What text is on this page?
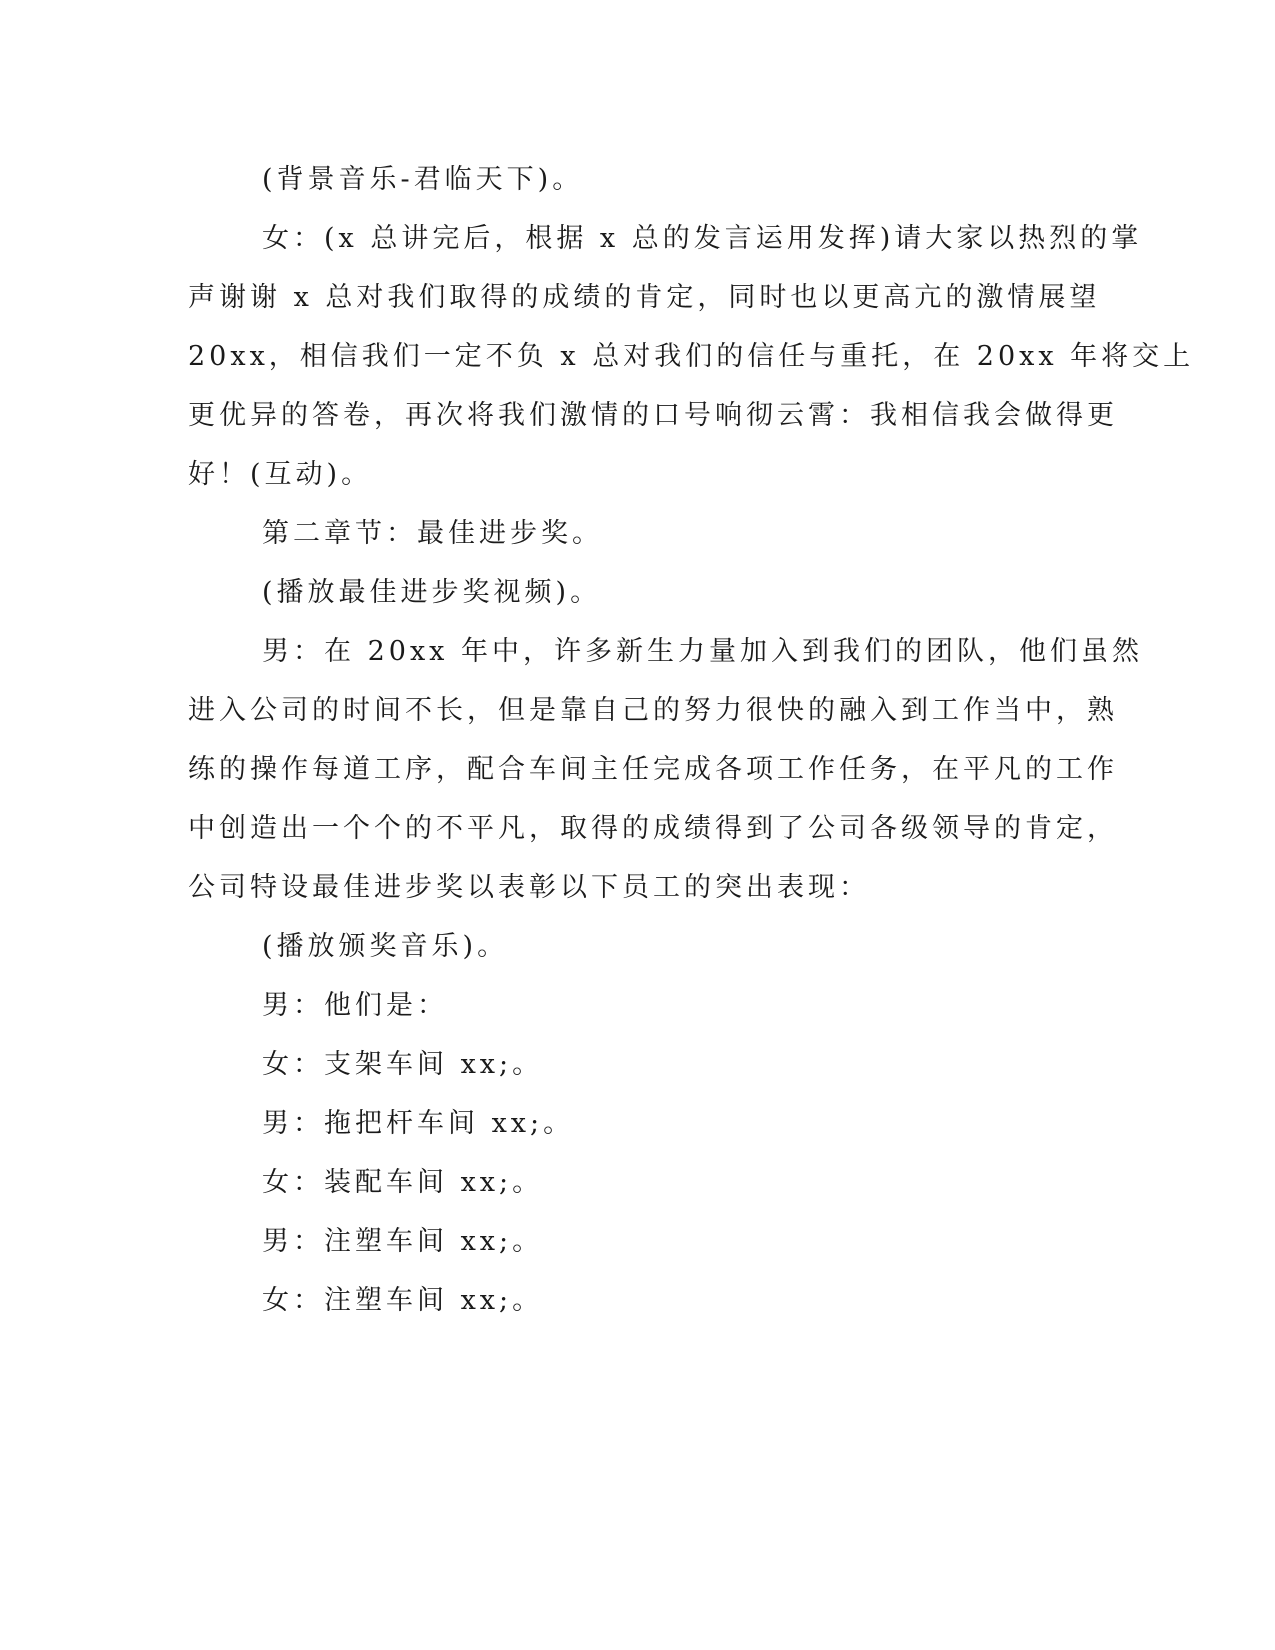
(背景音乐-君临天下)。
女：(x 总讲完后，根据 x 总的发言运用发挥)请大家以热烈的掌
声谢谢 x 总对我们取得的成绩的肯定，同时也以更高亢的激情展望
20xx，相信我们一定不负 x 总对我们的信任与重托，在 20xx 年将交上
更优异的答卷，再次将我们激情的口号响彻云霄：我相信我会做得更
好！(互动)。
第二章节：最佳进步奖。
(播放最佳进步奖视频)。
男：在 20xx 年中，许多新生力量加入到我们的团队，他们虽然
进入公司的时间不长，但是靠自己的努力很快的融入到工作当中，熟
练的操作每道工序，配合车间主任完成各项工作任务，在平凡的工作
中创造出一个个的不平凡，取得的成绩得到了公司各级领导的肯定，
公司特设最佳进步奖以表彰以下员工的突出表现：
(播放颁奖音乐)。
男：他们是：
女：支架车间 xx;。
男：拖把杆车间 xx;。
女：装配车间 xx;。
男：注塑车间 xx;。
女：注塑车间 xx;。
